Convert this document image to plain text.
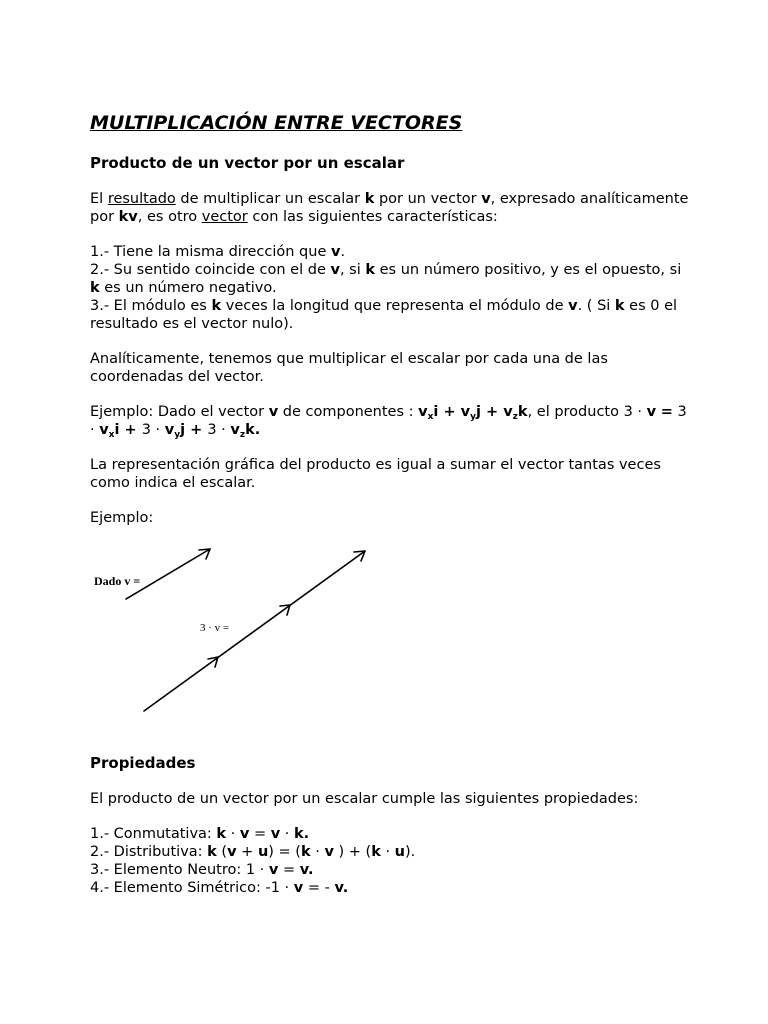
MULTIPLICACIÓN ENTRE VECTORES
Producto de un vector por un escalar

El resultado de multiplicar un escalar k por un vector v, expresado analíticamente por kv, es otro vector con las siguientes características:

1.- Tiene la misma dirección que v.

2.- Su sentido coincide con el de v, si k es un número positivo, y es el opuesto, si k es un número negativo.

3.- El módulo es k veces la longitud que representa el módulo de v. ( Si k es 0 el resultado es el vector nulo).

Analíticamente, tenemos que multiplicar el escalar por cada una de las coordenadas del vector.

Ejemplo: Dado el vector v de componentes : $v_xi + v_yj + v_zk$, el producto $3 \cdot v = 3 \cdot v_xi + 3 \cdot v_yj + 3 \cdot v_zk$.

La representación gráfica del producto es igual a sumar el vector tantas veces como indica el escalar.

Ejemplo:

Dado v =
3 · v =
Propiedades

El producto de un vector por un escalar cumple las siguientes propiedades:

1.- Conmutativa: k · v = v · k.

2.- Distributiva: k (v + u) = (k · v ) + (k · u).

3.- Elemento Neutro: 1 · v = v.

4.- Elemento Simétrico: -1 · v = - v.
